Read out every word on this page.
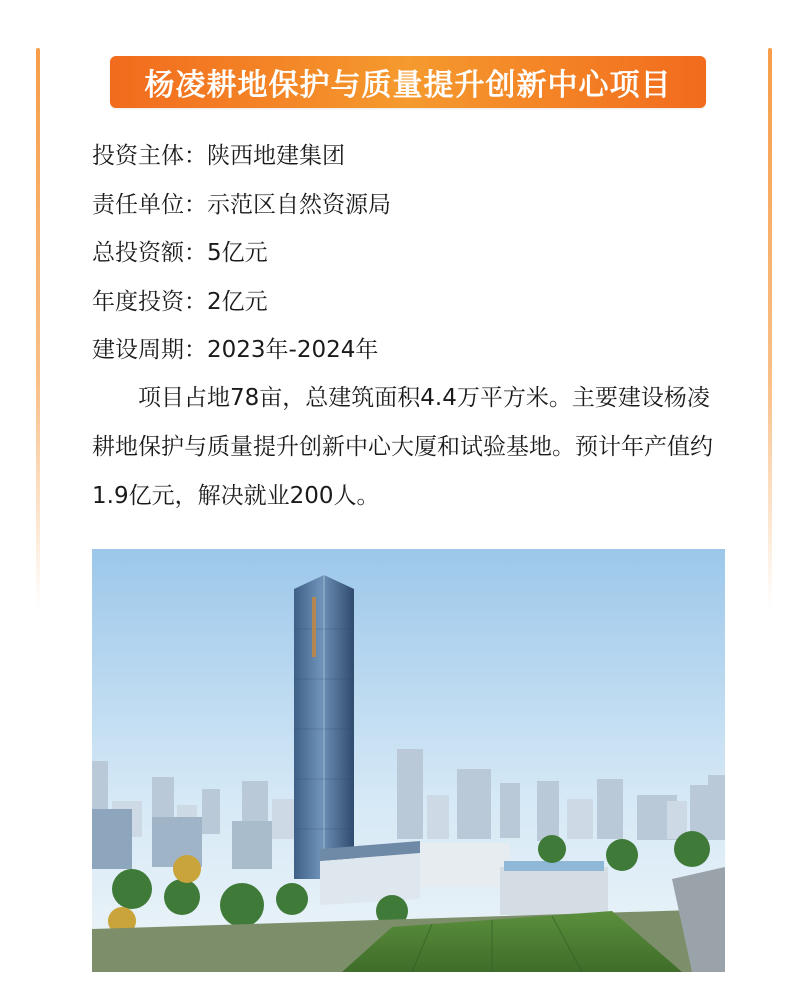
杨凌耕地保护与质量提升创新中心项目
投资主体：陕西地建集团
责任单位：示范区自然资源局
总投资额：5亿元
年度投资：2亿元
建设周期：2023年-2024年

项目占地78亩，总建筑面积4.4万平方米。主要建设杨凌耕地保护与质量提升创新中心大厦和试验基地。预计年产值约1.9亿元，解决就业200人。
